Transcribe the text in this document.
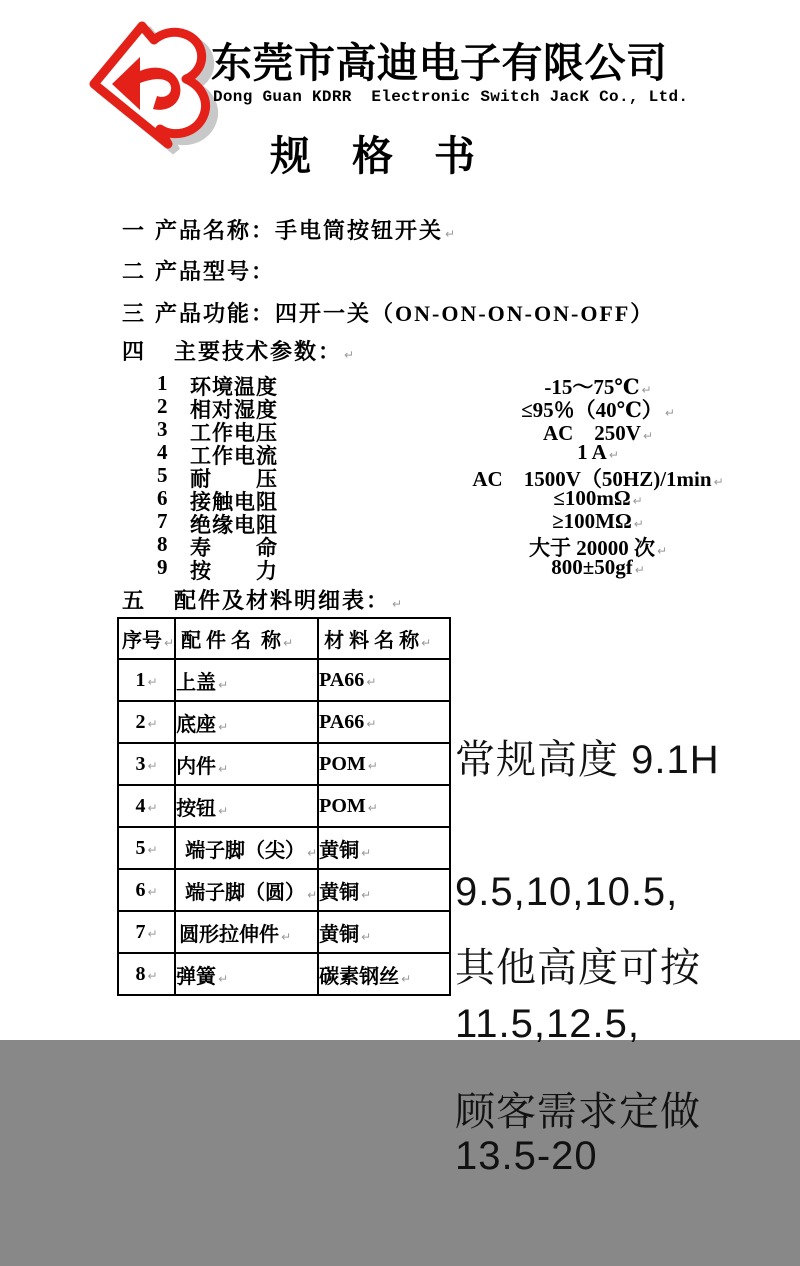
东莞市高迪电子有限公司
Dong Guan KDRR  Electronic Switch JacK Co., Ltd.
规　格　书
一 产品名称：手电筒按钮开关 ↵
二 产品型号：
三 产品功能：四开一关（ON-ON-ON-ON-OFF）
四 主要技术参数： ↵
1 环境温度	-15～75℃ ↵
2 相对湿度	≤95％（40℃） ↵
3 工作电压	AC　250V ↵
4 工作电流	1 A ↵
5 耐　　压	AC　1500V（50HZ)/1min ↵
6 接触电阻	≤100mΩ ↵
7 绝缘电阻	≥100MΩ ↵
8 寿　　命	大于 20000 次 ↵
9 按　　力	800±50gf ↵
五 配件及材料明细表： ↵
序号 ↵	配 件 名  称 ↵	材 料 名 称 ↵
1 ↵	上盖 ↵	PA66 ↵
2 ↵	底座 ↵	PA66 ↵
3 ↵	内件 ↵	POM ↵
4 ↵	按钮 ↵	POM ↵
5 ↵	端子脚（尖） ↵	黄铜 ↵
6 ↵	端子脚（圆） ↵	黄铜 ↵
7 ↵	圆形拉伸件 ↵	黄铜 ↵
8 ↵	弹簧 ↵	碳素钢丝 ↵

常规高度 9.1H

9.5,10,10.5,

11.5,12.5,

13.5-20

其他高度可按

顾客需求定做
